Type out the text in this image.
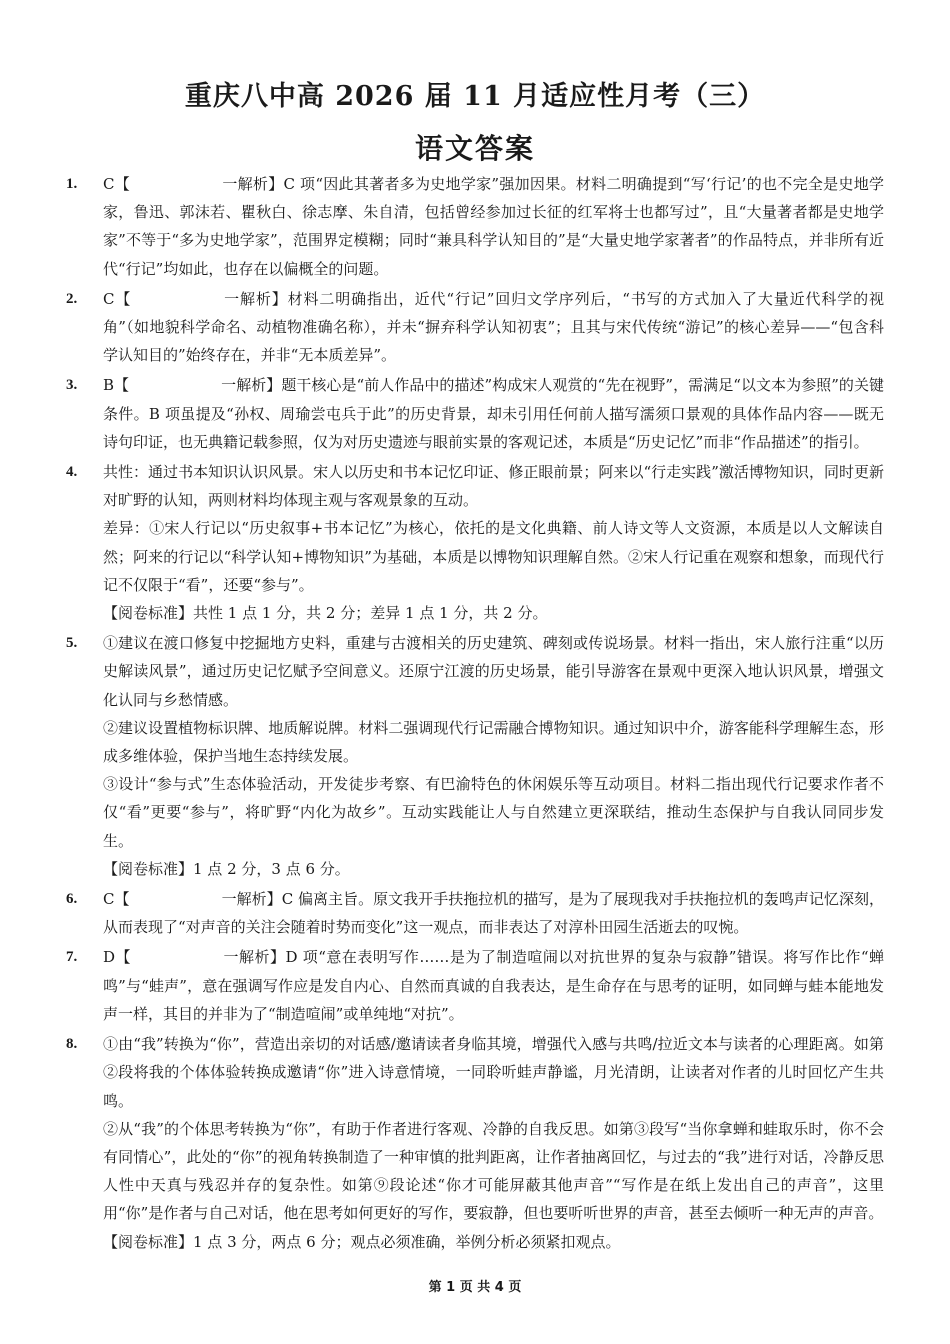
重庆八中高 2026 届 11 月适应性月考（三）
语文答案
1.	C【	一解析】C 项“因此其著者多为史地学家”强加因果。材料二明确提到“写‘行记’的也不完全是史地学家，鲁迅、郭沫若、瞿秋白、徐志摩、朱自清，包括曾经参加过长征的红军将士也都写过”，且“大量著者都是史地学家”不等于“多为史地学家”，范围界定模糊；同时“兼具科学认知目的”是“大量史地学家著者”的作品特点，并非所有近代“行记”均如此，也存在以偏概全的问题。

2.	C【	一解析】材料二明确指出，近代“行记”回归文学序列后，“书写的方式加入了大量近代科学的视角”（如地貌科学命名、动植物准确名称），并未“摒弃科学认知初衷”；且其与宋代传统“游记”的核心差异——“包含科学认知目的”始终存在，并非“无本质差异”。

3.	B【	一解析】题干核心是“前人作品中的描述”构成宋人观赏的“先在视野”，需满足“以文本为参照”的关键条件。B 项虽提及“孙权、周瑜尝屯兵于此”的历史背景，却未引用任何前人描写濡须口景观的具体作品内容——既无诗句印证，也无典籍记载参照，仅为对历史遗迹与眼前实景的客观记述，本质是“历史记忆”而非“作品描述”的指引。

4.	共性：通过书本知识认识风景。宋人以历史和书本记忆印证、修正眼前景；阿来以“行走实践”激活博物知识，同时更新对旷野的认知，两则材料均体现主观与客观景象的互动。

差异：①宋人行记以“历史叙事+书本记忆”为核心，依托的是文化典籍、前人诗文等人文资源，本质是以人文解读自然；阿来的行记以“科学认知+博物知识”为基础，本质是以博物知识理解自然。②宋人行记重在观察和想象，而现代行记不仅限于“看”，还要“参与”。

【阅卷标准】共性 1 点 1 分，共 2 分；差异 1 点 1 分，共 2 分。

5.	①建议在渡口修复中挖掘地方史料，重建与古渡相关的历史建筑、碑刻或传说场景。材料一指出，宋人旅行注重“以历史解读风景”，通过历史记忆赋予空间意义。还原宁江渡的历史场景，能引导游客在景观中更深入地认识风景，增强文化认同与乡愁情感。

②建议设置植物标识牌、地质解说牌。材料二强调现代行记需融合博物知识。通过知识中介，游客能科学理解生态，形成多维体验，保护当地生态持续发展。

③设计“参与式”生态体验活动，开发徒步考察、有巴渝特色的休闲娱乐等互动项目。材料二指出现代行记要求作者不仅“看”更要“参与”，将旷野“内化为故乡”。互动实践能让人与自然建立更深联结，推动生态保护与自我认同同步发生。

【阅卷标准】1 点 2 分，3 点 6 分。

6.	C【	一解析】C 偏离主旨。原文我开手扶拖拉机的描写，是为了展现我对手扶拖拉机的轰鸣声记忆深刻，从而表现了“对声音的关注会随着时势而变化”这一观点，而非表达了对淳朴田园生活逝去的叹惋。

7.	D【	一解析】D 项“意在表明写作……是为了制造喧闹以对抗世界的复杂与寂静”错误。将写作比作“蝉鸣”与“蛙声”，意在强调写作应是发自内心、自然而真诚的自我表达，是生命存在与思考的证明，如同蝉与蛙本能地发声一样，其目的并非为了“制造喧闹”或单纯地“对抗”。

8.	①由“我”转换为“你”，营造出亲切的对话感/邀请读者身临其境，增强代入感与共鸣/拉近文本与读者的心理距离。如第②段将我的个体体验转换成邀请“你”进入诗意情境，一同聆听蛙声静谧，月光清朗，让读者对作者的儿时回忆产生共鸣。

②从“我”的个体思考转换为“你”，有助于作者进行客观、冷静的自我反思。如第③段写“当你拿蝉和蛙取乐时，你不会有同情心”，此处的“你”的视角转换制造了一种审慎的批判距离，让作者抽离回忆，与过去的“我”进行对话，冷静反思人性中天真与残忍并存的复杂性。如第⑨段论述“你才可能屏蔽其他声音”“写作是在纸上发出自己的声音”，这里用“你”是作者与自己对话，他在思考如何更好的写作，要寂静，但也要听听世界的声音，甚至去倾听一种无声的声音。

【阅卷标准】1 点 3 分，两点 6 分；观点必须准确，举例分析必须紧扣观点。

第 1 页 共 4 页
